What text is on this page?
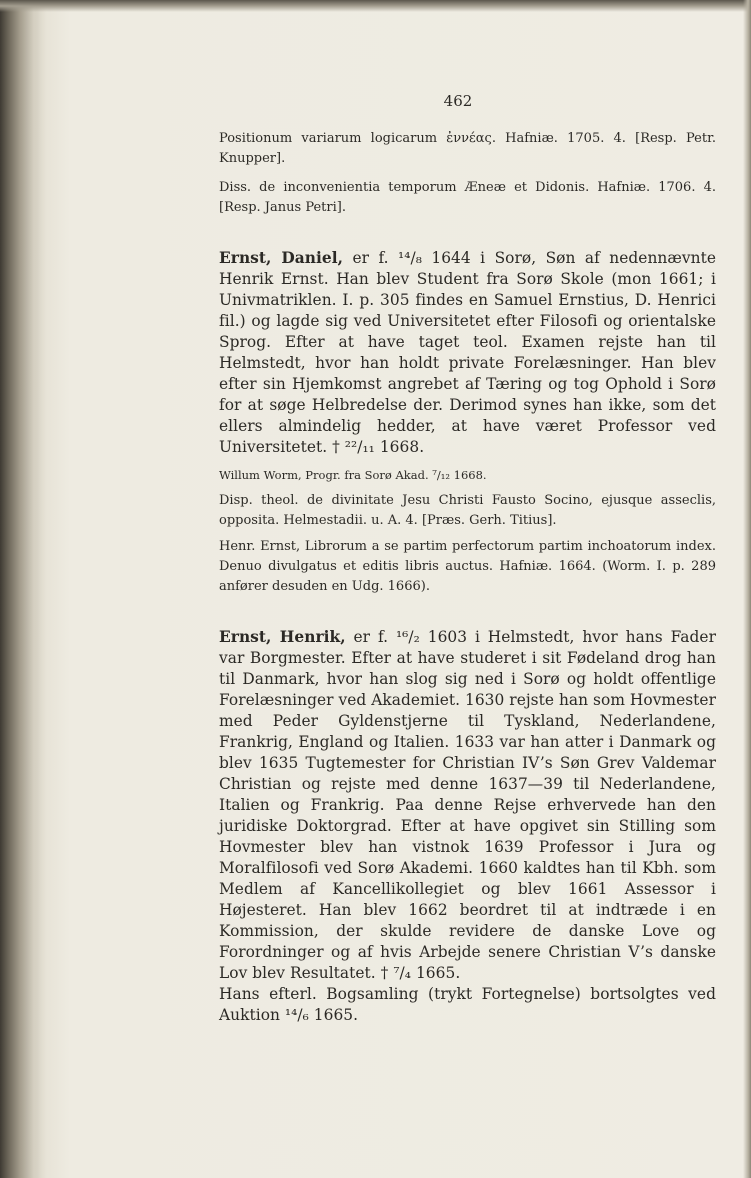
462

Positionum variarum logicarum ἐννέας. Hafniæ. 1705. 4. [Resp. Petr. Knupper].

Diss. de inconvenientia temporum Æneæ et Didonis. Hafniæ. 1706. 4. [Resp. Janus Petri].

Ernst, Daniel, er f. ¹⁴/₈ 1644 i Sorø, Søn af nedennævnte Henrik Ernst. Han blev Student fra Sorø Skole (mon 1661; i Univmatriklen. I. p. 305 findes en Samuel Ernstius, D. Henrici fil.) og lagde sig ved Universitetet efter Filosofi og orientalske Sprog. Efter at have taget teol. Examen rejste han til Helmstedt, hvor han holdt private Forelæsninger. Han blev efter sin Hjemkomst angrebet af Tæring og tog Ophold i Sorø for at søge Helbredelse der. Derimod synes han ikke, som det ellers almindelig hedder, at have været Professor ved Universitetet. † ²²/₁₁ 1668.

Willum Worm, Progr. fra Sorø Akad. ⁷/₁₂ 1668.

Disp. theol. de divinitate Jesu Christi Fausto Socino, ejusque asseclis, opposita. Helmestadii. u. A. 4. [Præs. Gerh. Titius].

Henr. Ernst, Librorum a se partim perfectorum partim inchoatorum index. Denuo divulgatus et editis libris auctus. Hafniæ. 1664. (Worm. I. p. 289 anfører desuden en Udg. 1666).

Ernst, Henrik, er f. ¹⁶/₂ 1603 i Helmstedt, hvor hans Fader var Borgmester. Efter at have studeret i sit Fødeland drog han til Danmark, hvor han slog sig ned i Sorø og holdt offentlige Forelæsninger ved Akademiet. 1630 rejste han som Hovmester med Peder Gyldenstjerne til Tyskland, Nederlandene, Frankrig, England og Italien. 1633 var han atter i Danmark og blev 1635 Tugtemester for Christian IV’s Søn Grev Valdemar Christian og rejste med denne 1637—39 til Nederlandene, Italien og Frankrig. Paa denne Rejse erhvervede han den juridiske Doktorgrad. Efter at have opgivet sin Stilling som Hovmester blev han vistnok 1639 Professor i Jura og Moralfilosofi ved Sorø Akademi. 1660 kaldtes han til Kbh. som Medlem af Kancellikollegiet og blev 1661 Assessor i Højesteret. Han blev 1662 beordret til at indtræde i en Kommission, der skulde revidere de danske Love og Forordninger og af hvis Arbejde senere Christian V’s danske Lov blev Resultatet. † ⁷/₄ 1665.

Hans efterl. Bogsamling (trykt Fortegnelse) bortsolgtes ved Auktion ¹⁴/₆ 1665.
